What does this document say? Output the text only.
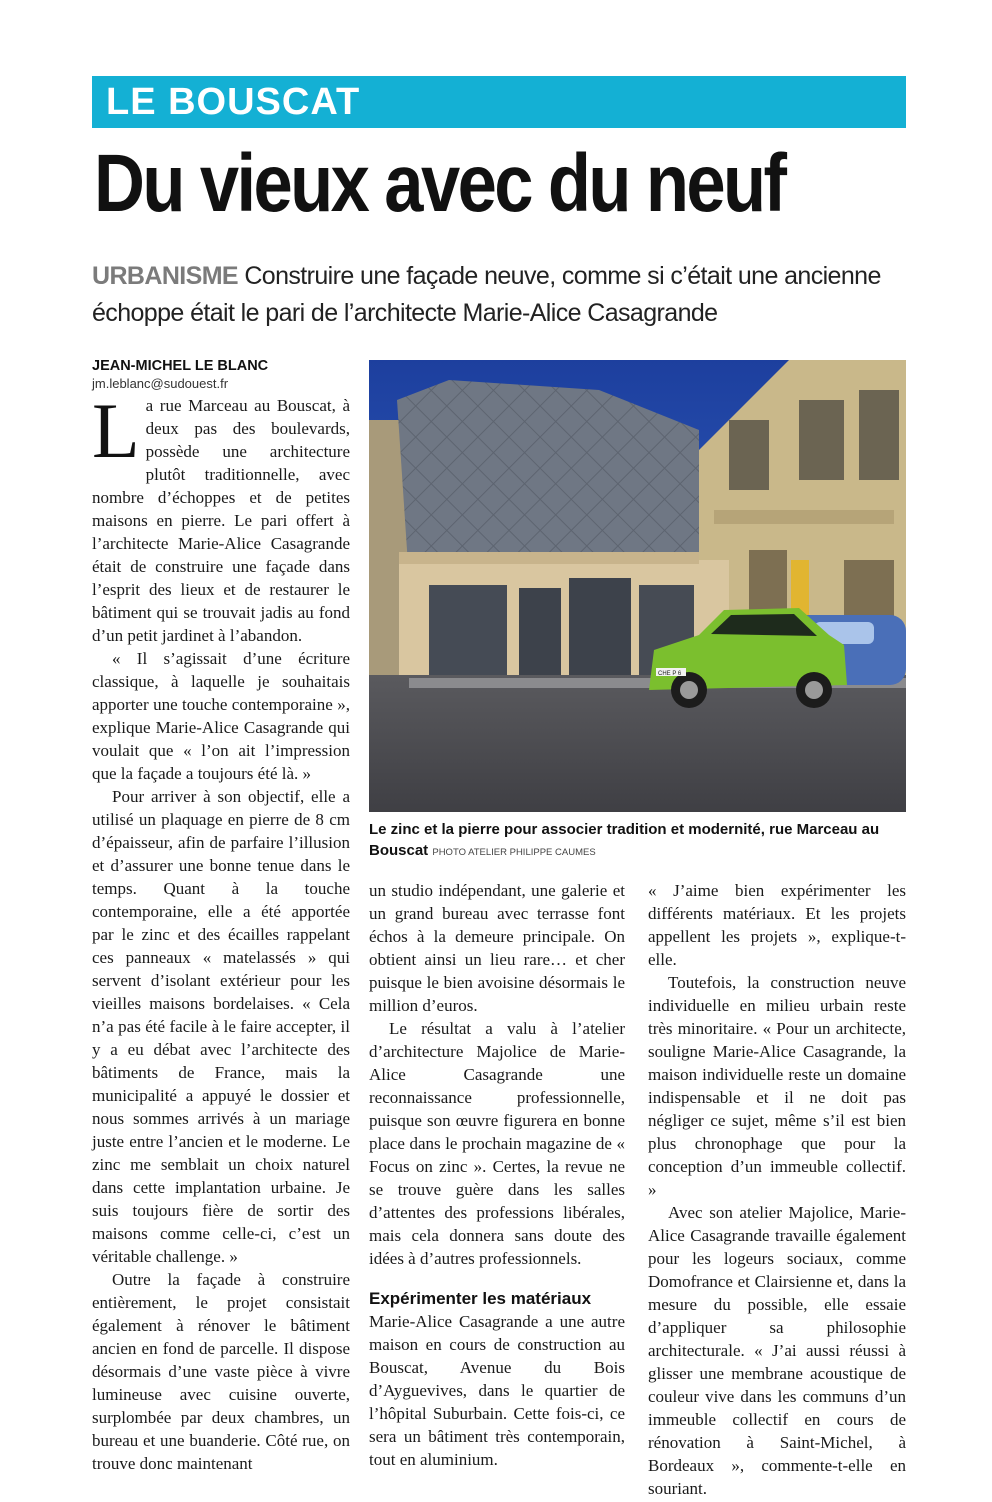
LE BOUSCAT
Du vieux avec du neuf
URBANISME Construire une façade neuve, comme si c’était une ancienne échoppe était le pari de l’architecte Marie-Alice Casagrande
JEAN-MICHEL LE BLANC
jm.leblanc@sudouest.fr

La rue Marceau au Bouscat, à deux pas des boulevards, possède une architecture plutôt traditionnelle, avec nombre d’échoppes et de petites maisons en pierre. Le pari offert à l’architecte Marie-Alice Casagrande était de construire une façade dans l’esprit des lieux et de restaurer le bâtiment qui se trouvait jadis au fond d’un petit jardinet à l’abandon.

« Il s’agissait d’une écriture classique, à laquelle je souhaitais apporter une touche contemporaine », explique Marie-Alice Casagrande qui voulait que « l’on ait l’impression que la façade a toujours été là. »

Pour arriver à son objectif, elle a utilisé un plaquage en pierre de 8 cm d’épaisseur, afin de parfaire l’illusion et d’assurer une bonne tenue dans le temps. Quant à la touche contemporaine, elle a été apportée par le zinc et des écailles rappelant ces panneaux « matelassés » qui servent d’isolant extérieur pour les vieilles maisons bordelaises. « Cela n’a pas été facile à le faire accepter, il y a eu débat avec l’architecte des bâtiments de France, mais la municipalité a appuyé le dossier et nous sommes arrivés à un mariage juste entre l’ancien et le moderne. Le zinc me semblait un choix naturel dans cette implantation urbaine. Je suis toujours fière de sortir des maisons comme celle-ci, c’est un véritable challenge. »

Outre la façade à construire entièrement, le projet consistait également à rénover le bâtiment ancien en fond de parcelle. Il dispose désormais d’une vaste pièce à vivre lumineuse avec cuisine ouverte, surplombée par deux chambres, un bureau et une buanderie. Côté rue, on trouve donc maintenant

CHE P 6
Le zinc et la pierre pour associer tradition et modernité, rue Marceau au Bouscat PHOTO ATELIER PHILIPPE CAUMES

un studio indépendant, une galerie et un grand bureau avec terrasse font échos à la demeure principale. On obtient ainsi un lieu rare… et cher puisque le bien avoisine désormais le million d’euros.

Le résultat a valu à l’atelier d’architecture Majolice de Marie-Alice Casagrande une reconnaissance professionnelle, puisque son œuvre figurera en bonne place dans le prochain magazine de « Focus on zinc ». Certes, la revue ne se trouve guère dans les salles d’attentes des professions libérales, mais cela donnera sans doute des idées à d’autres professionnels.

Expérimenter les matériaux

Marie-Alice Casagrande a une autre maison en cours de construction au Bouscat, Avenue du Bois d’Ayguevives, dans le quartier de l’hôpital Suburbain. Cette fois-ci, ce sera un bâtiment très contemporain, tout en aluminium.

« J’aime bien expérimenter les différents matériaux. Et les projets appellent les projets », explique-t-elle.

Toutefois, la construction neuve individuelle en milieu urbain reste très minoritaire. « Pour un architecte, souligne Marie-Alice Casagrande, la maison individuelle reste un domaine indispensable et il ne doit pas négliger ce sujet, même s’il est bien plus chronophage que pour la conception d’un immeuble collectif. »

Avec son atelier Majolice, Marie-Alice Casagrande travaille également pour les logeurs sociaux, comme Domofrance et Clairsienne et, dans la mesure du possible, elle essaie d’appliquer sa philosophie architecturale. « J’ai aussi réussi à glisser une membrane acoustique de couleur vive dans les communs d’un immeuble collectif en cours de rénovation à Saint-Michel, à Bordeaux », commente-t-elle en souriant.
